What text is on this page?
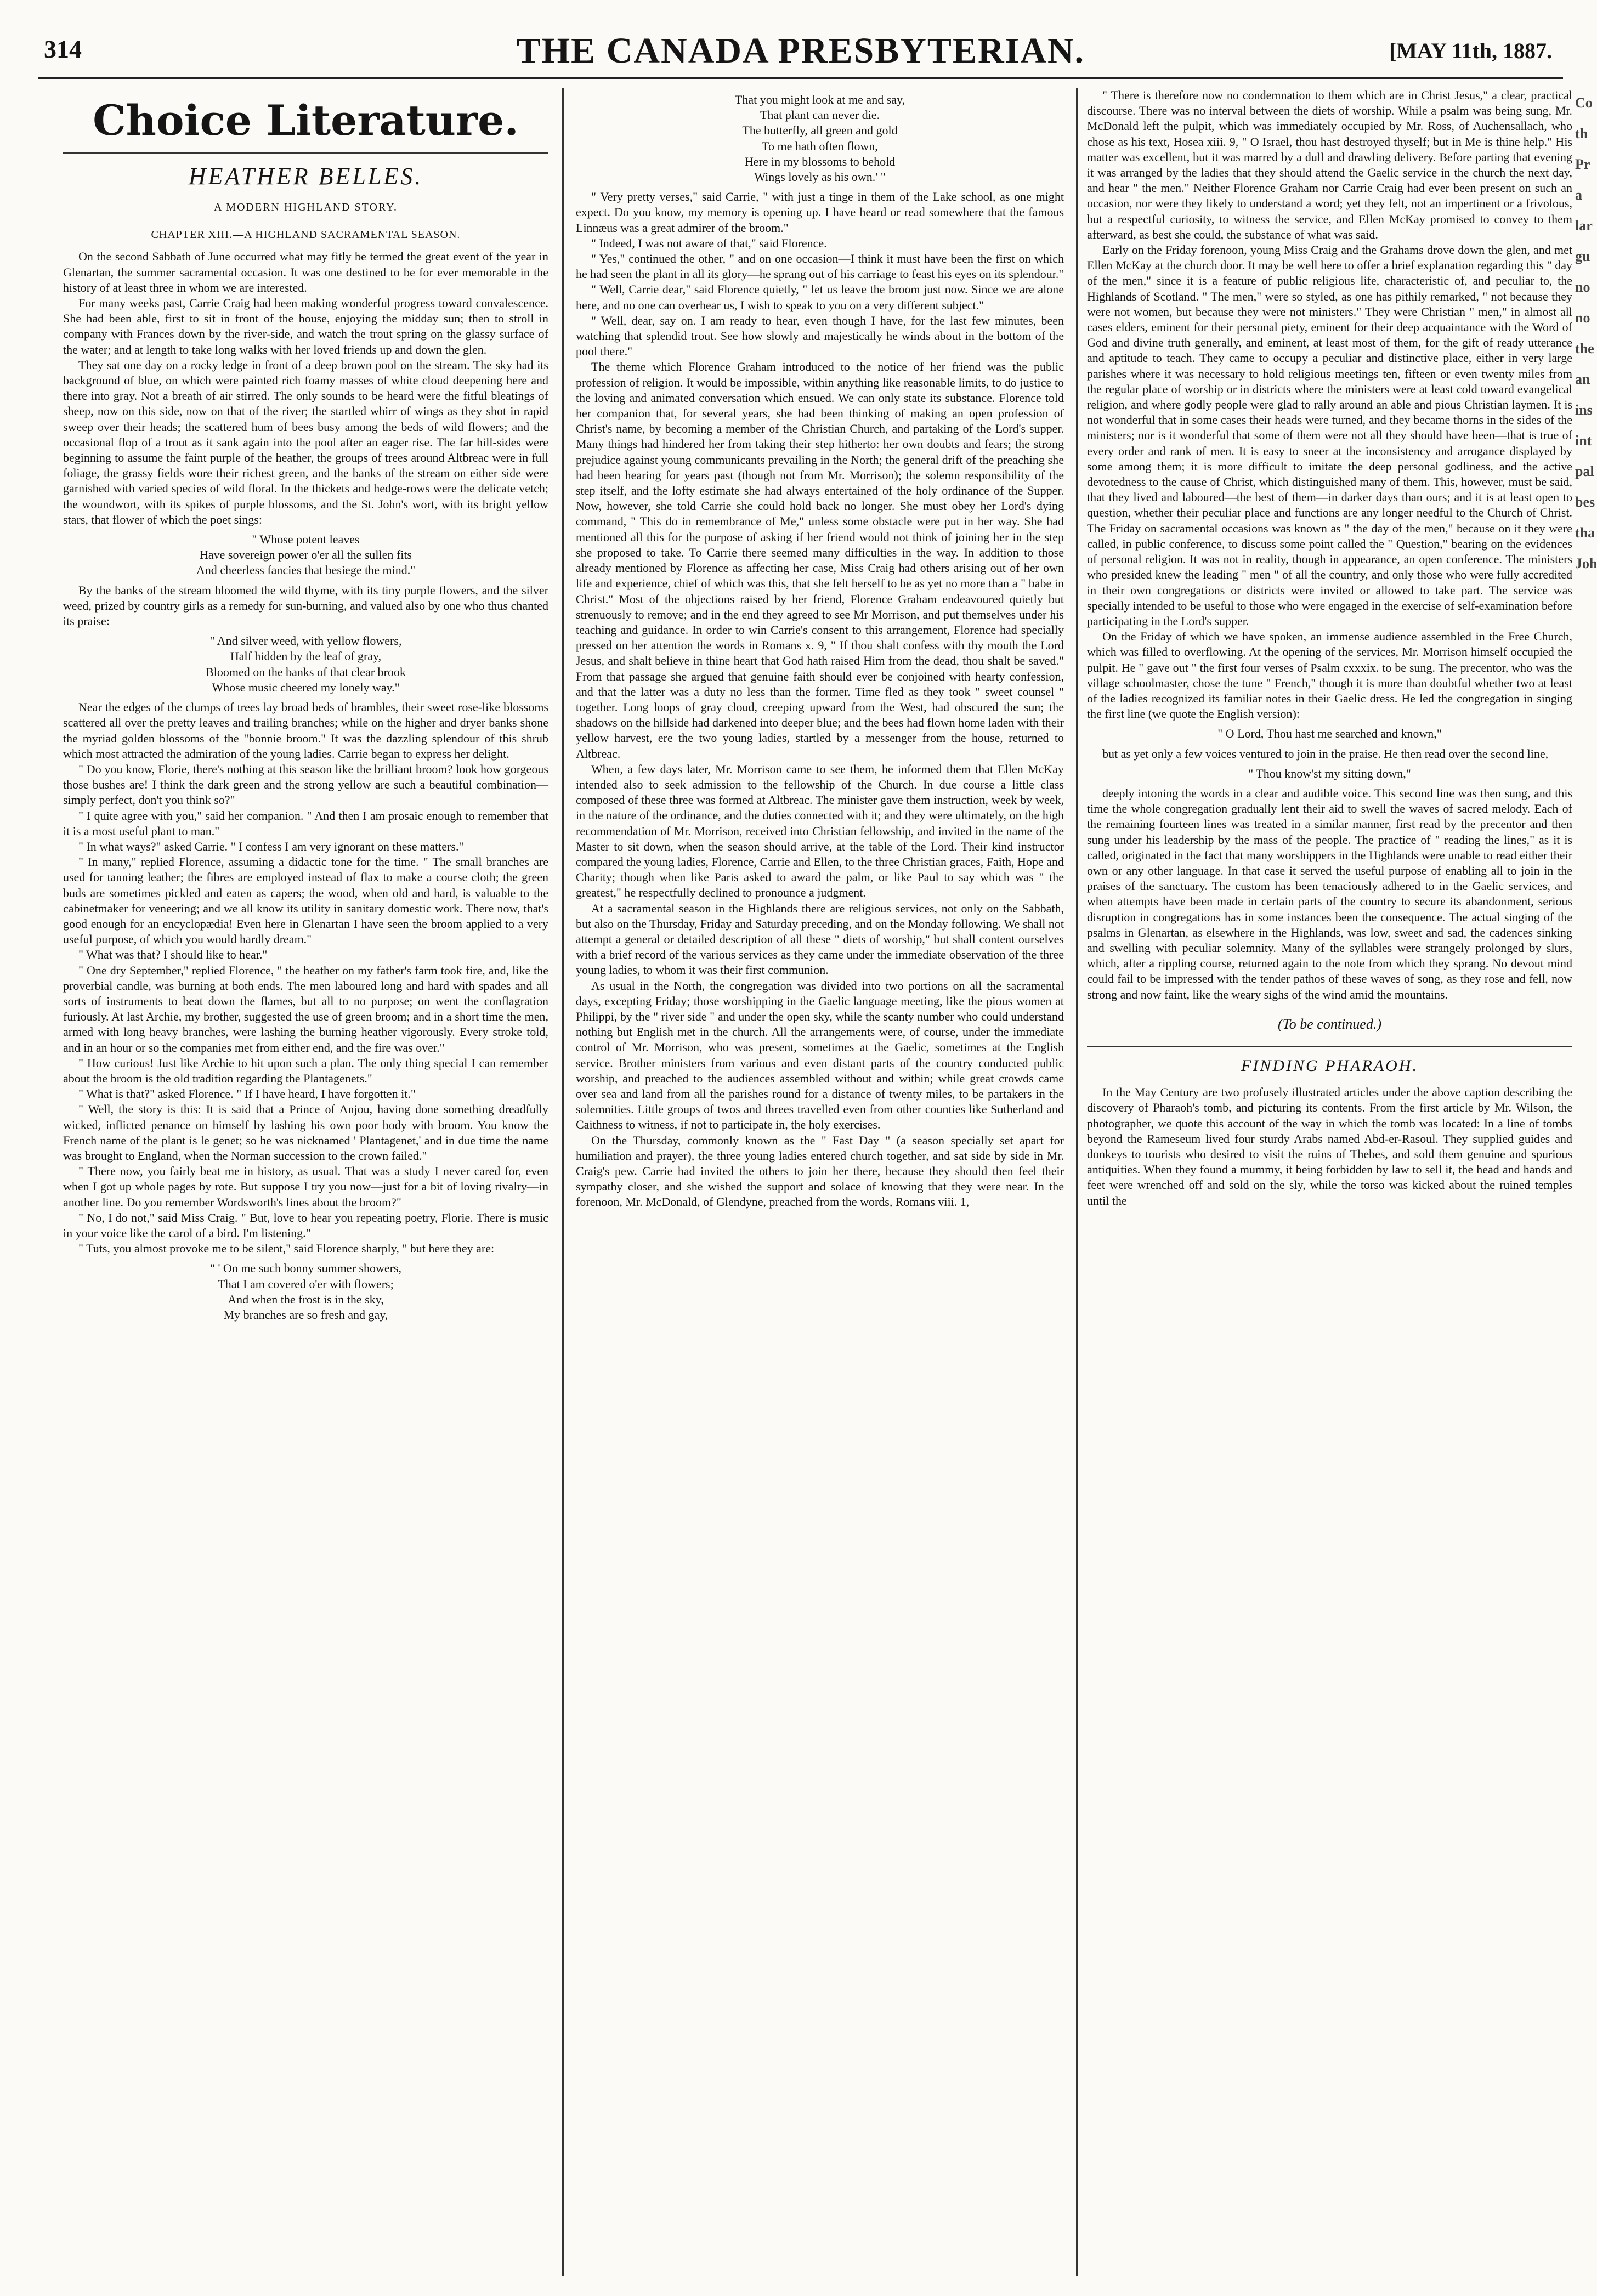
314	THE CANADA PRESBYTERIAN.	[MAY 11th, 1887.
Choice Literature.
HEATHER BELLES.
A MODERN HIGHLAND STORY.
CHAPTER XIII.—A HIGHLAND SACRAMENTAL SEASON.

On the second Sabbath of June occurred what may fitly be termed the great event of the year in Glenartan, the summer sacramental occasion. It was one destined to be for ever memorable in the history of at least three in whom we are interested.

For many weeks past, Carrie Craig had been making wonderful progress toward convalescence. She had been able, first to sit in front of the house, enjoying the midday sun; then to stroll in company with Frances down by the river-side, and watch the trout spring on the glassy surface of the water; and at length to take long walks with her loved friends up and down the glen.

They sat one day on a rocky ledge in front of a deep brown pool on the stream. The sky had its background of blue, on which were painted rich foamy masses of white cloud deepening here and there into gray. Not a breath of air stirred. The only sounds to be heard were the fitful bleatings of sheep, now on this side, now on that of the river; the startled whirr of wings as they shot in rapid sweep over their heads; the scattered hum of bees busy among the beds of wild flowers; and the occasional flop of a trout as it sank again into the pool after an eager rise. The far hill-sides were beginning to assume the faint purple of the heather, the groups of trees around Altbreac were in full foliage, the grassy fields wore their richest green, and the banks of the stream on either side were garnished with varied species of wild floral. In the thickets and hedge-rows were the delicate vetch; the woundwort, with its spikes of purple blossoms, and the St. John's wort, with its bright yellow stars, that flower of which the poet sings:

" Whose potent leaves
Have sovereign power o'er all the sullen fits
And cheerless fancies that besiege the mind."

By the banks of the stream bloomed the wild thyme, with its tiny purple flowers, and the silver weed, prized by country girls as a remedy for sun-burning, and valued also by one who thus chanted its praise:

" And silver weed, with yellow flowers,
Half hidden by the leaf of gray,
Bloomed on the banks of that clear brook
Whose music cheered my lonely way."

Near the edges of the clumps of trees lay broad beds of brambles, their sweet rose-like blossoms scattered all over the pretty leaves and trailing branches; while on the higher and dryer banks shone the myriad golden blossoms of the "bonnie broom." It was the dazzling splendour of this shrub which most attracted the admiration of the young ladies. Carrie began to express her delight.

" Do you know, Florie, there's nothing at this season like the brilliant broom? look how gorgeous those bushes are! I think the dark green and the strong yellow are such a beautiful combination—simply perfect, don't you think so?"

" I quite agree with you," said her companion. " And then I am prosaic enough to remember that it is a most useful plant to man."

" In what ways?" asked Carrie. " I confess I am very ignorant on these matters."

" In many," replied Florence, assuming a didactic tone for the time. " The small branches are used for tanning leather; the fibres are employed instead of flax to make a course cloth; the green buds are sometimes pickled and eaten as capers; the wood, when old and hard, is valuable to the cabinetmaker for veneering; and we all know its utility in sanitary domestic work. There now, that's good enough for an encyclopædia! Even here in Glenartan I have seen the broom applied to a very useful purpose, of which you would hardly dream."

" What was that? I should like to hear."

" One dry September," replied Florence, " the heather on my father's farm took fire, and, like the proverbial candle, was burning at both ends. The men laboured long and hard with spades and all sorts of instruments to beat down the flames, but all to no purpose; on went the conflagration furiously. At last Archie, my brother, suggested the use of green broom; and in a short time the men, armed with long heavy branches, were lashing the burning heather vigorously. Every stroke told, and in an hour or so the companies met from either end, and the fire was over."

" How curious! Just like Archie to hit upon such a plan. The only thing special I can remember about the broom is the old tradition regarding the Plantagenets."

" What is that?" asked Florence. " If I have heard, I have forgotten it."

" Well, the story is this: It is said that a Prince of Anjou, having done something dreadfully wicked, inflicted penance on himself by lashing his own poor body with broom. You know the French name of the plant is le genet; so he was nicknamed ' Plantagenet,' and in due time the name was brought to England, when the Norman succession to the crown failed."

" There now, you fairly beat me in history, as usual. That was a study I never cared for, even when I got up whole pages by rote. But suppose I try you now—just for a bit of loving rivalry—in another line. Do you remember Wordsworth's lines about the broom?"

" No, I do not," said Miss Craig. " But, love to hear you repeating poetry, Florie. There is music in your voice like the carol of a bird. I'm listening."

" Tuts, you almost provoke me to be silent," said Florence sharply, " but here they are:

" ' On me such bonny summer showers,
That I am covered o'er with flowers;
And when the frost is in the sky,
My branches are so fresh and gay,
That you might look at me and say,
That plant can never die.
The butterfly, all green and gold
To me hath often flown,
Here in my blossoms to behold
Wings lovely as his own.' "

" Very pretty verses," said Carrie, " with just a tinge in them of the Lake school, as one might expect. Do you know, my memory is opening up. I have heard or read somewhere that the famous Linnæus was a great admirer of the broom."

" Indeed, I was not aware of that," said Florence.

" Yes," continued the other, " and on one occasion—I think it must have been the first on which he had seen the plant in all its glory—he sprang out of his carriage to feast his eyes on its splendour."

" Well, Carrie dear," said Florence quietly, " let us leave the broom just now. Since we are alone here, and no one can overhear us, I wish to speak to you on a very different subject."

" Well, dear, say on. I am ready to hear, even though I have, for the last few minutes, been watching that splendid trout. See how slowly and majestically he winds about in the bottom of the pool there."

The theme which Florence Graham introduced to the notice of her friend was the public profession of religion. It would be impossible, within anything like reasonable limits, to do justice to the loving and animated conversation which ensued. We can only state its substance. Florence told her companion that, for several years, she had been thinking of making an open profession of Christ's name, by becoming a member of the Christian Church, and partaking of the Lord's supper. Many things had hindered her from taking their step hitherto: her own doubts and fears; the strong prejudice against young communicants prevailing in the North; the general drift of the preaching she had been hearing for years past (though not from Mr. Morrison); the solemn responsibility of the step itself, and the lofty estimate she had always entertained of the holy ordinance of the Supper. Now, however, she told Carrie she could hold back no longer. She must obey her Lord's dying command, " This do in remembrance of Me," unless some obstacle were put in her way. She had mentioned all this for the purpose of asking if her friend would not think of joining her in the step she proposed to take. To Carrie there seemed many difficulties in the way. In addition to those already mentioned by Florence as affecting her case, Miss Craig had others arising out of her own life and experience, chief of which was this, that she felt herself to be as yet no more than a " babe in Christ." Most of the objections raised by her friend, Florence Graham endeavoured quietly but strenuously to remove; and in the end they agreed to see Mr Morrison, and put themselves under his teaching and guidance. In order to win Carrie's consent to this arrangement, Florence had specially pressed on her attention the words in Romans x. 9, " If thou shalt confess with thy mouth the Lord Jesus, and shalt believe in thine heart that God hath raised Him from the dead, thou shalt be saved." From that passage she argued that genuine faith should ever be conjoined with hearty confession, and that the latter was a duty no less than the former. Time fled as they took " sweet counsel " together. Long loops of gray cloud, creeping upward from the West, had obscured the sun; the shadows on the hillside had darkened into deeper blue; and the bees had flown home laden with their yellow harvest, ere the two young ladies, startled by a messenger from the house, returned to Altbreac.

When, a few days later, Mr. Morrison came to see them, he informed them that Ellen McKay intended also to seek admission to the fellowship of the Church. In due course a little class composed of these three was formed at Altbreac. The minister gave them instruction, week by week, in the nature of the ordinance, and the duties connected with it; and they were ultimately, on the high recommendation of Mr. Morrison, received into Christian fellowship, and invited in the name of the Master to sit down, when the season should arrive, at the table of the Lord. Their kind instructor compared the young ladies, Florence, Carrie and Ellen, to the three Christian graces, Faith, Hope and Charity; though when like Paris asked to award the palm, or like Paul to say which was " the greatest," he respectfully declined to pronounce a judgment.

At a sacramental season in the Highlands there are religious services, not only on the Sabbath, but also on the Thursday, Friday and Saturday preceding, and on the Monday following. We shall not attempt a general or detailed description of all these " diets of worship," but shall content ourselves with a brief record of the various services as they came under the immediate observation of the three young ladies, to whom it was their first communion.

As usual in the North, the congregation was divided into two portions on all the sacramental days, excepting Friday; those worshipping in the Gaelic language meeting, like the pious women at Philippi, by the " river side " and under the open sky, while the scanty number who could understand nothing but English met in the church. All the arrangements were, of course, under the immediate control of Mr. Morrison, who was present, sometimes at the Gaelic, sometimes at the English service. Brother ministers from various and even distant parts of the country conducted public worship, and preached to the audiences assembled without and within; while great crowds came over sea and land from all the parishes round for a distance of twenty miles, to be partakers in the solemnities. Little groups of twos and threes travelled even from other counties like Sutherland and Caithness to witness, if not to participate in, the holy exercises.

On the Thursday, commonly known as the " Fast Day " (a season specially set apart for humiliation and prayer), the three young ladies entered church together, and sat side by side in Mr. Craig's pew. Carrie had invited the others to join her there, because they should then feel their sympathy closer, and she wished the support and solace of knowing that they were near. In the forenoon, Mr. McDonald, of Glendyne, preached from the words, Romans viii. 1,

" There is therefore now no condemnation to them which are in Christ Jesus," a clear, practical discourse. There was no interval between the diets of worship. While a psalm was being sung, Mr. McDonald left the pulpit, which was immediately occupied by Mr. Ross, of Auchensallach, who chose as his text, Hosea xiii. 9, " O Israel, thou hast destroyed thyself; but in Me is thine help." His matter was excellent, but it was marred by a dull and drawling delivery. Before parting that evening it was arranged by the ladies that they should attend the Gaelic service in the church the next day, and hear " the men." Neither Florence Graham nor Carrie Craig had ever been present on such an occasion, nor were they likely to understand a word; yet they felt, not an impertinent or a frivolous, but a respectful curiosity, to witness the service, and Ellen McKay promised to convey to them afterward, as best she could, the substance of what was said.

Early on the Friday forenoon, young Miss Craig and the Grahams drove down the glen, and met Ellen McKay at the church door. It may be well here to offer a brief explanation regarding this " day of the men," since it is a feature of public religious life, characteristic of, and peculiar to, the Highlands of Scotland. " The men," were so styled, as one has pithily remarked, " not because they were not women, but because they were not ministers." They were Christian " men," in almost all cases elders, eminent for their personal piety, eminent for their deep acquaintance with the Word of God and divine truth generally, and eminent, at least most of them, for the gift of ready utterance and aptitude to teach. They came to occupy a peculiar and distinctive place, either in very large parishes where it was necessary to hold religious meetings ten, fifteen or even twenty miles from the regular place of worship or in districts where the ministers were at least cold toward evangelical religion, and where godly people were glad to rally around an able and pious Christian laymen. It is not wonderful that in some cases their heads were turned, and they became thorns in the sides of the ministers; nor is it wonderful that some of them were not all they should have been—that is true of every order and rank of men. It is easy to sneer at the inconsistency and arrogance displayed by some among them; it is more difficult to imitate the deep personal godliness, and the active devotedness to the cause of Christ, which distinguished many of them. This, however, must be said, that they lived and laboured—the best of them—in darker days than ours; and it is at least open to question, whether their peculiar place and functions are any longer needful to the Church of Christ. The Friday on sacramental occasions was known as " the day of the men," because on it they were called, in public conference, to discuss some point called the " Question," bearing on the evidences of personal religion. It was not in reality, though in appearance, an open conference. The ministers who presided knew the leading " men " of all the country, and only those who were fully accredited in their own congregations or districts were invited or allowed to take part. The service was specially intended to be useful to those who were engaged in the exercise of self-examination before participating in the Lord's supper.

On the Friday of which we have spoken, an immense audience assembled in the Free Church, which was filled to overflowing. At the opening of the services, Mr. Morrison himself occupied the pulpit. He " gave out " the first four verses of Psalm cxxxix. to be sung. The precentor, who was the village schoolmaster, chose the tune " French," though it is more than doubtful whether two at least of the ladies recognized its familiar notes in their Gaelic dress. He led the congregation in singing the first line (we quote the English version):

" O Lord, Thou hast me searched and known,"

but as yet only a few voices ventured to join in the praise. He then read over the second line,

" Thou know'st my sitting down,"

deeply intoning the words in a clear and audible voice. This second line was then sung, and this time the whole congregation gradually lent their aid to swell the waves of sacred melody. Each of the remaining fourteen lines was treated in a similar manner, first read by the precentor and then sung under his leadership by the mass of the people. The practice of " reading the lines," as it is called, originated in the fact that many worshippers in the Highlands were unable to read either their own or any other language. In that case it served the useful purpose of enabling all to join in the praises of the sanctuary. The custom has been tenaciously adhered to in the Gaelic services, and when attempts have been made in certain parts of the country to secure its abandonment, serious disruption in congregations has in some instances been the consequence. The actual singing of the psalms in Glenartan, as elsewhere in the Highlands, was low, sweet and sad, the cadences sinking and swelling with peculiar solemnity. Many of the syllables were strangely prolonged by slurs, which, after a rippling course, returned again to the note from which they sprang. No devout mind could fail to be impressed with the tender pathos of these waves of song, as they rose and fell, now strong and now faint, like the weary sighs of the wind amid the mountains.

(To be continued.)
FINDING PHARAOH.

In the May Century are two profusely illustrated articles under the above caption describing the discovery of Pharaoh's tomb, and picturing its contents. From the first article by Mr. Wilson, the photographer, we quote this account of the way in which the tomb was located: In a line of tombs beyond the Rameseum lived four sturdy Arabs named Abd-er-Rasoul. They supplied guides and donkeys to tourists who desired to visit the ruins of Thebes, and sold them genuine and spurious antiquities. When they found a mummy, it being forbidden by law to sell it, the head and hands and feet were wrenched off and sold on the sly, while the torso was kicked about the ruined temples until the

Co
th
Pr
a
lar
gu
no
no
the
an
ins
int
pal
bes
tha
Joh
